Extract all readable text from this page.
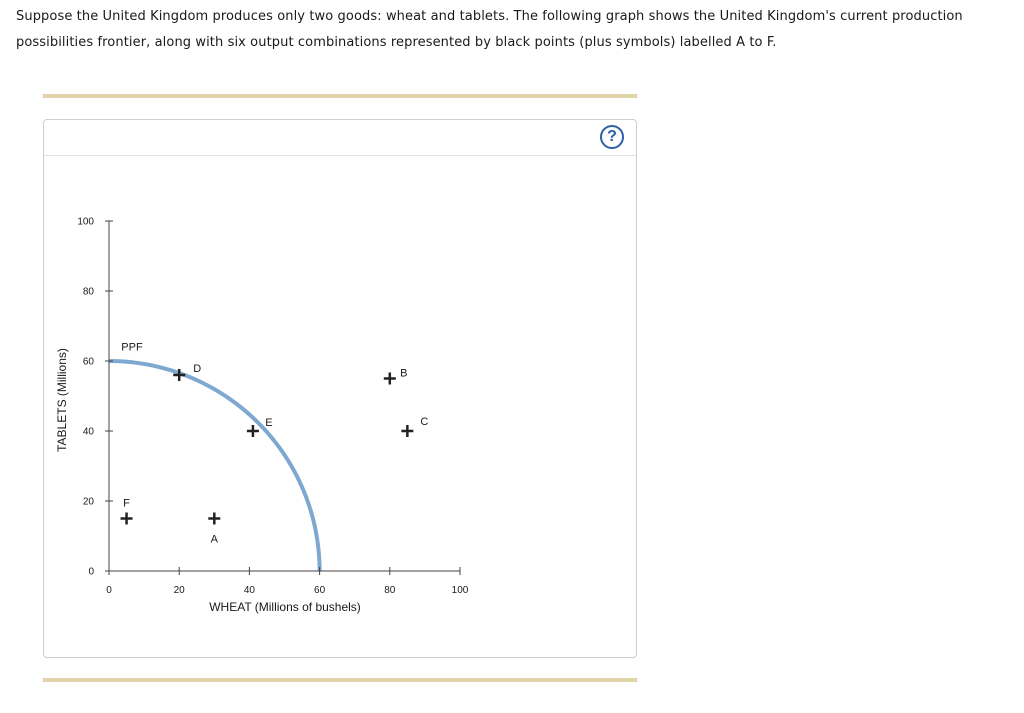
Suppose the United Kingdom produces only two goods: wheat and tablets. The following graph shows the United Kingdom's current production possibilities frontier, along with six output combinations represented by black points (plus symbols) labelled A to F.
?
PPF
0
20
40
60
80
100
0	20	40	60	80	100
A
B
C
D
E
F
TABLETS (Millions)
WHEAT (Millions of bushels)
